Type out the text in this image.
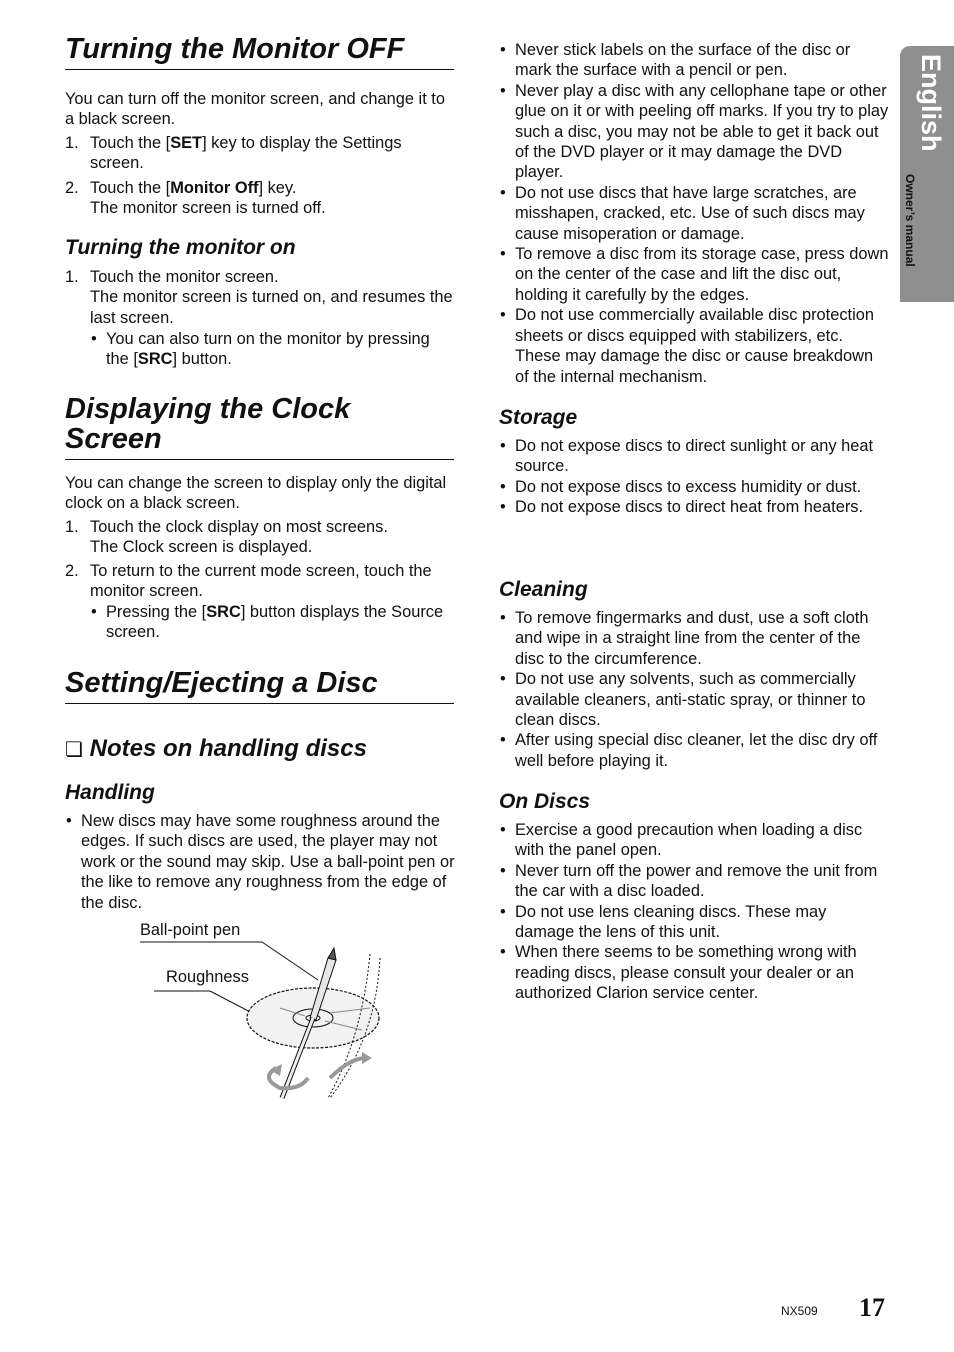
Turning the Monitor OFF
You can turn off the monitor screen, and change it to a black screen.
1. Touch the [SET] key to display the Settings screen.
2. Touch the [Monitor Off] key.
The monitor screen is turned off.
Turning the monitor on
1. Touch the monitor screen.
The monitor screen is turned on, and resumes the last screen.
• You can also turn on the monitor by pressing the [SRC] button.
Displaying the Clock Screen
You can change the screen to display only the digital clock on a black screen.
1. Touch the clock display on most screens.
The Clock screen is displayed.
2. To return to the current mode screen, touch the monitor screen.
• Pressing the [SRC] button displays the Source screen.
Setting/Ejecting a Disc
❏ Notes on handling discs
Handling
• New discs may have some roughness around the edges. If such discs are used, the player may not work or the sound may skip. Use a ball-point pen or the like to remove any roughness from the edge of the disc.
Ball-point pen
Roughness
• Never stick labels on the surface of the disc or mark the surface with a pencil or pen.
• Never play a disc with any cellophane tape or other glue on it or with peeling off marks. If you try to play such a disc, you may not be able to get it back out of the DVD player or it may damage the DVD player.
• Do not use discs that have large scratches, are misshapen, cracked, etc. Use of such discs may cause misoperation or damage.
• To remove a disc from its storage case, press down on the center of the case and lift the disc out, holding it carefully by the edges.
• Do not use commercially available disc protection sheets or discs equipped with stabilizers, etc. These may damage the disc or cause breakdown of the internal mechanism.
Storage
• Do not expose discs to direct sunlight or any heat source.
• Do not expose discs to excess humidity or dust.
• Do not expose discs to direct heat from heaters.
Cleaning
• To remove fingermarks and dust, use a soft cloth and wipe in a straight line from the center of the disc to the circumference.
• Do not use any solvents, such as commercially available cleaners, anti-static spray, or thinner to clean discs.
• After using special disc cleaner, let the disc dry off well before playing it.
On Discs
• Exercise a good precaution when loading a disc with the panel open.
• Never turn off the power and remove the unit from the car with a disc loaded.
• Do not use lens cleaning discs. These may damage the lens of this unit.
• When there seems to be something wrong with reading discs, please consult your dealer or an authorized Clarion service center.
English
Owner’s manual
NX509 17
